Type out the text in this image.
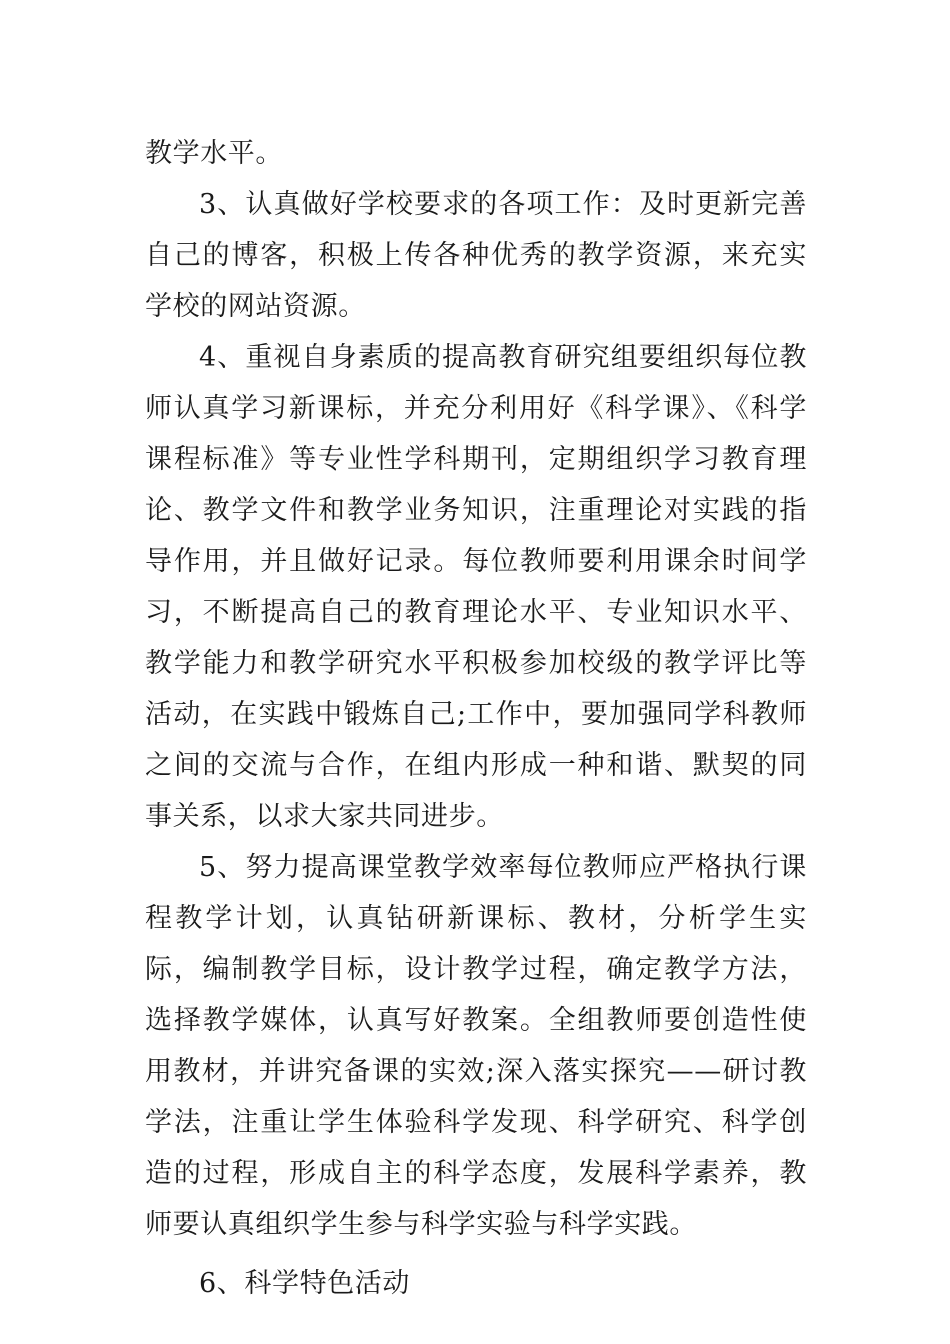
教学水平。

3、认真做好学校要求的各项工作：及时更新完善自己的博客，积极上传各种优秀的教学资源，来充实学校的网站资源。

4、重视自身素质的提高教育研究组要组织每位教师认真学习新课标，并充分利用好《科学课》、《科学课程标准》等专业性学科期刊，定期组织学习教育理论、教学文件和教学业务知识，注重理论对实践的指导作用，并且做好记录。每位教师要利用课余时间学习，不断提高自己的教育理论水平、专业知识水平、教学能力和教学研究水平积极参加校级的教学评比等活动，在实践中锻炼自己;工作中，要加强同学科教师之间的交流与合作，在组内形成一种和谐、默契的同事关系，以求大家共同进步。

5、努力提高课堂教学效率每位教师应严格执行课程教学计划，认真钻研新课标、教材，分析学生实际，编制教学目标，设计教学过程，确定教学方法，选择教学媒体，认真写好教案。全组教师要创造性使用教材，并讲究备课的实效;深入落实探究——研讨教学法，注重让学生体验科学发现、科学研究、科学创造的过程，形成自主的科学态度，发展科学素养，教师要认真组织学生参与科学实验与科学实践。

6、科学特色活动
